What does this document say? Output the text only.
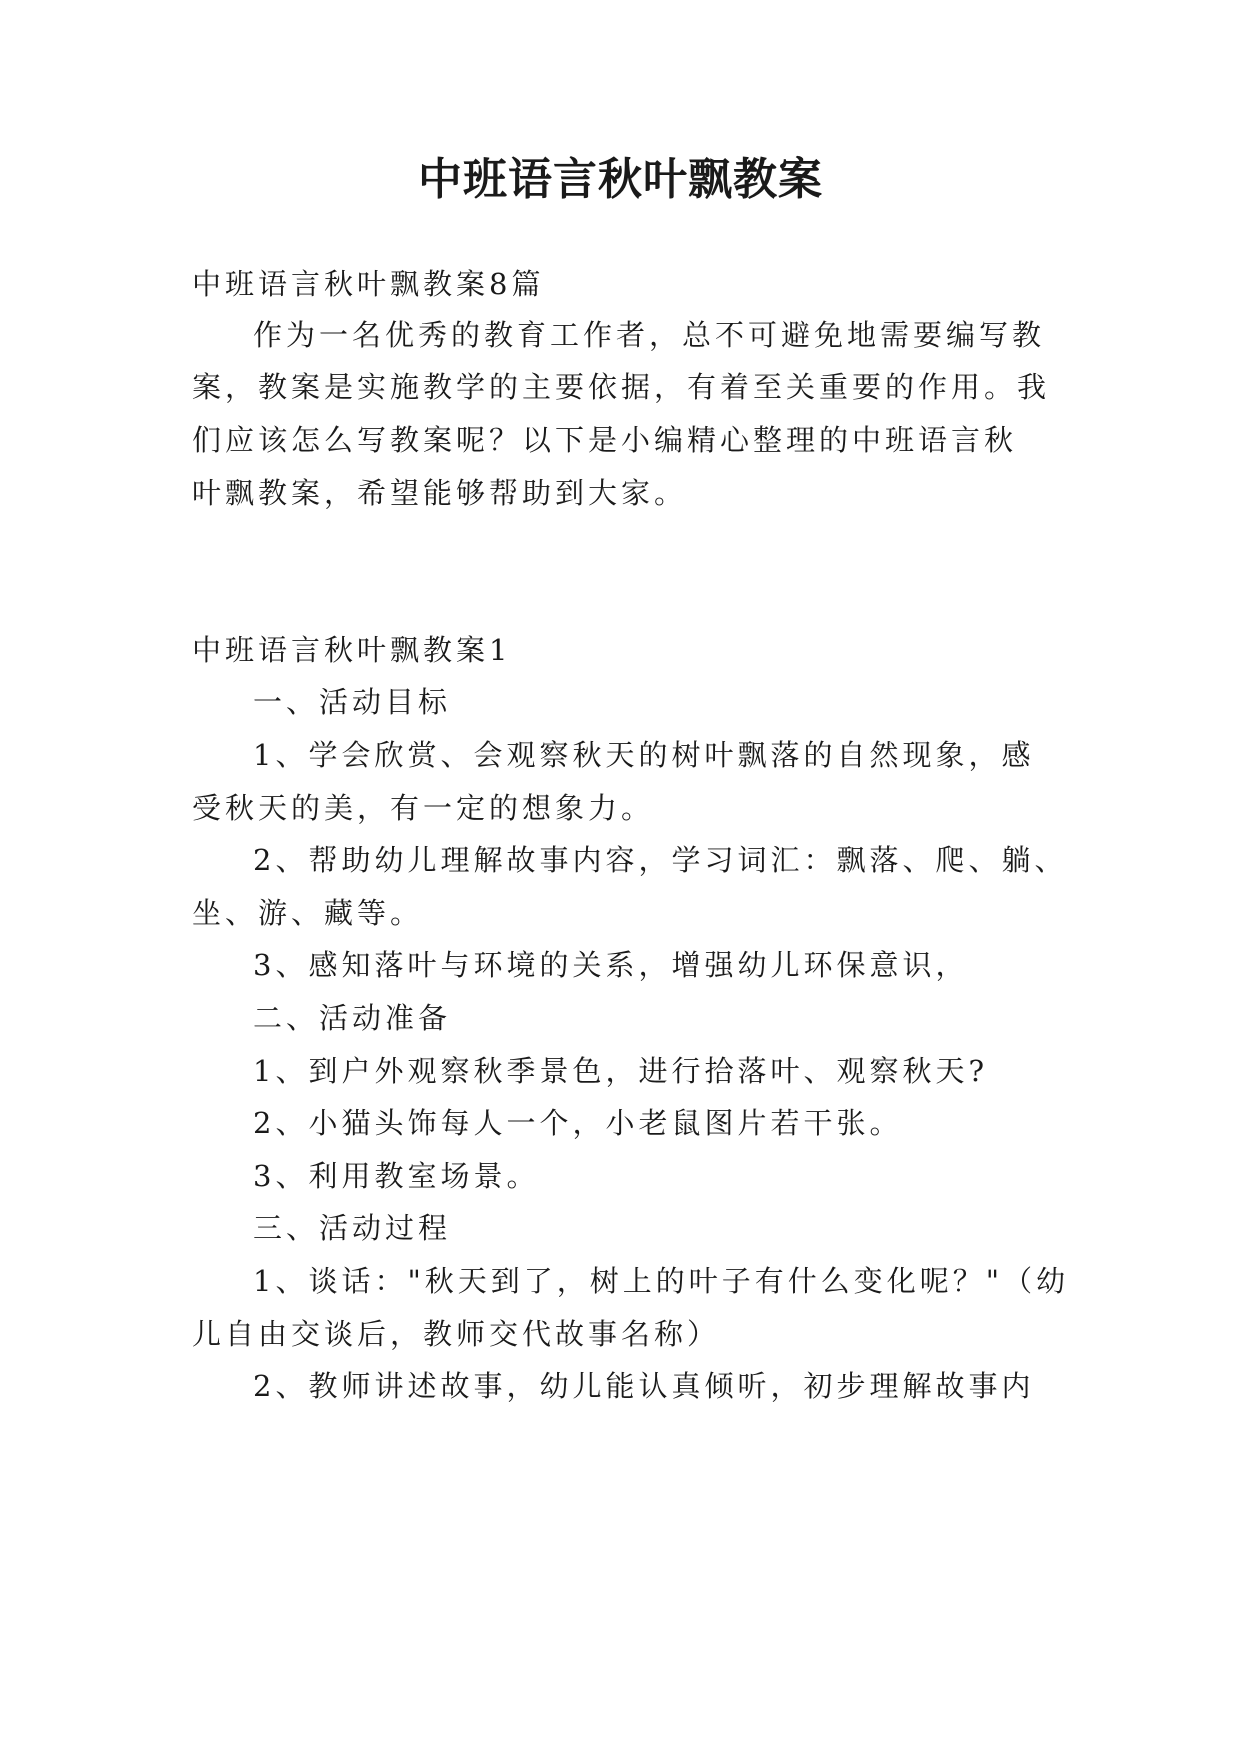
中班语言秋叶飘教案

中班语言秋叶飘教案8篇

作为一名优秀的教育工作者，总不可避免地需要编写教

案，教案是实施教学的主要依据，有着至关重要的作用。我

们应该怎么写教案呢？以下是小编精心整理的中班语言秋

叶飘教案，希望能够帮助到大家。

中班语言秋叶飘教案1

一、活动目标

1、学会欣赏、会观察秋天的树叶飘落的自然现象，感

受秋天的美，有一定的想象力。

2、帮助幼儿理解故事内容，学习词汇：飘落、爬、躺、

坐、游、藏等。

3、感知落叶与环境的关系，增强幼儿环保意识，

二、活动准备

1、到户外观察秋季景色，进行拾落叶、观察秋天?

2、小猫头饰每人一个，小老鼠图片若干张。

3、利用教室场景。

三、活动过程

1、谈话："秋天到了，树上的叶子有什么变化呢？"（幼

儿自由交谈后，教师交代故事名称）

2、教师讲述故事，幼儿能认真倾听，初步理解故事内
